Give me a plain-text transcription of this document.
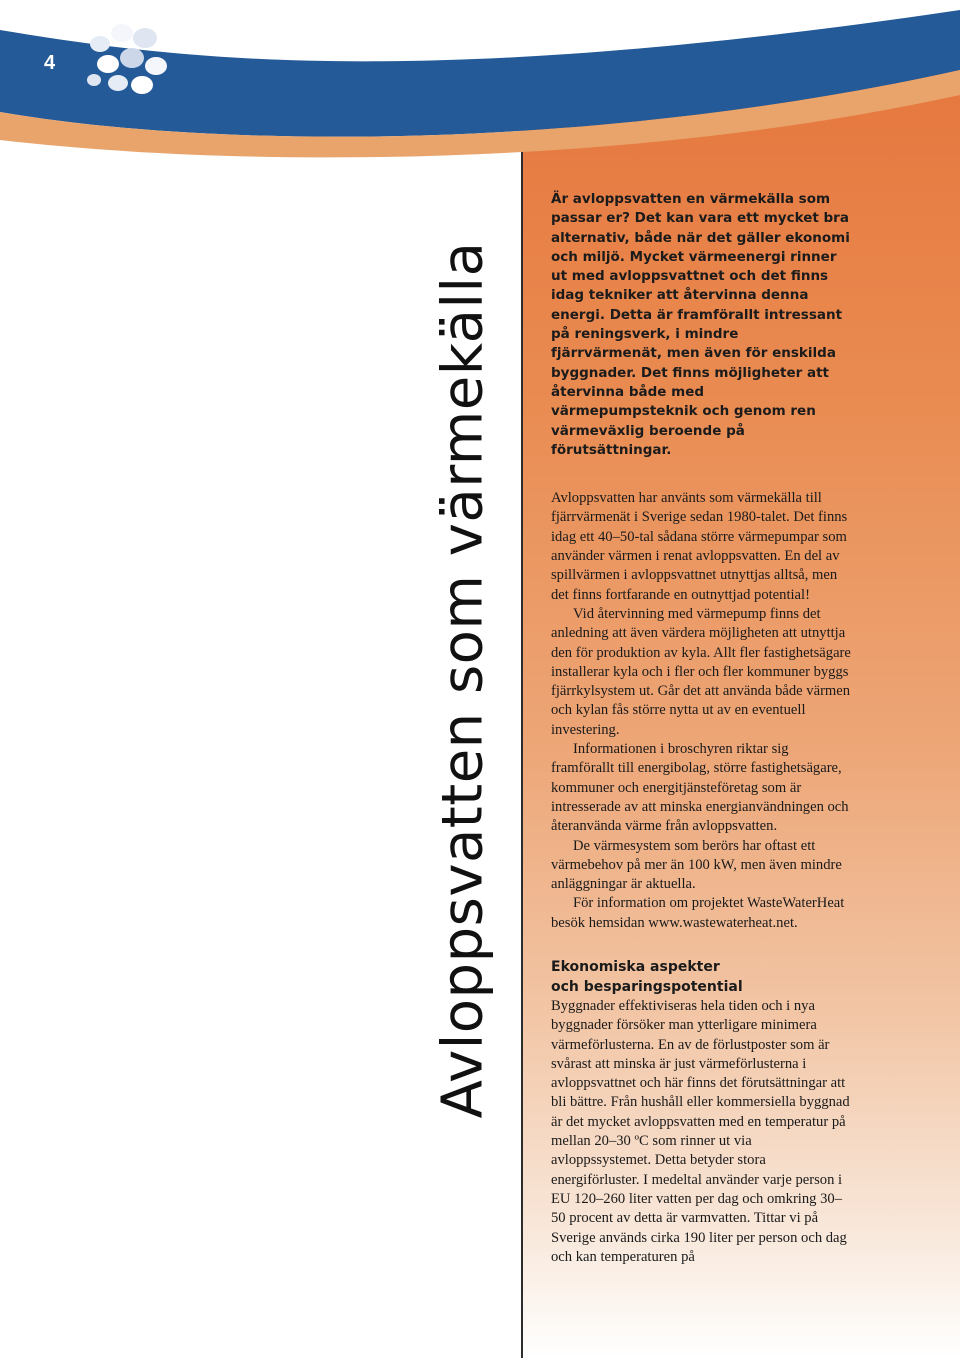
4
Avloppsvatten som värmekälla

Är avloppsvatten en värmekälla som passar er? Det kan vara ett mycket bra alternativ, både när det gäller ekonomi och miljö. Mycket värmeenergi rinner ut med avloppsvattnet och det finns idag tekniker att återvinna denna energi. Detta är framförallt intressant på reningsverk, i mindre fjärrvärmenät, men även för enskilda byggnader. Det finns möjligheter att återvinna både med värmepumpsteknik och genom ren värmeväxlig beroende på förutsättningar.

Avloppsvatten har använts som värmekälla till fjärrvärmenät i Sverige sedan 1980-talet. Det finns idag ett 40–50-tal sådana större värmepumpar som använder värmen i renat avloppsvatten. En del av spillvärmen i avloppsvattnet utnyttjas alltså, men det finns fortfarande en outnyttjad potential!

Vid återvinning med värmepump finns det anledning att även värdera möjligheten att utnyttja den för produktion av kyla. Allt fler fastighetsägare installerar kyla och i fler och fler kommuner byggs fjärrkylsystem ut. Går det att använda både värmen och kylan fås större nytta ut av en eventuell investering.

Informationen i broschyren riktar sig framförallt till energibolag, större fastighetsägare, kommuner och energitjänsteföretag som är intresserade av att minska energianvändningen och återanvända värme från avloppsvatten.

De värmesystem som berörs har oftast ett värmebehov på mer än 100 kW, men även mindre anläggningar är aktuella.

För information om projektet WasteWaterHeat besök hemsidan www.wastewaterheat.net.

Ekonomiska aspekter
och besparingspotential

Byggnader effektiviseras hela tiden och i nya byggnader försöker man ytterligare minimera värmeförlusterna. En av de förlustposter som är svårast att minska är just värmeförlusterna i avloppsvattnet och här finns det förutsättningar att bli bättre. Från hushåll eller kommersiella byggnad är det mycket avloppsvatten med en temperatur på mellan 20–30 ºC som rinner ut via avloppssystemet. Detta betyder stora energiförluster. I medeltal använder varje person i EU 120–260 liter vatten per dag och omkring 30–50 procent av detta är varmvatten. Tittar vi på Sverige används cirka 190 liter per person och dag och kan temperaturen på
